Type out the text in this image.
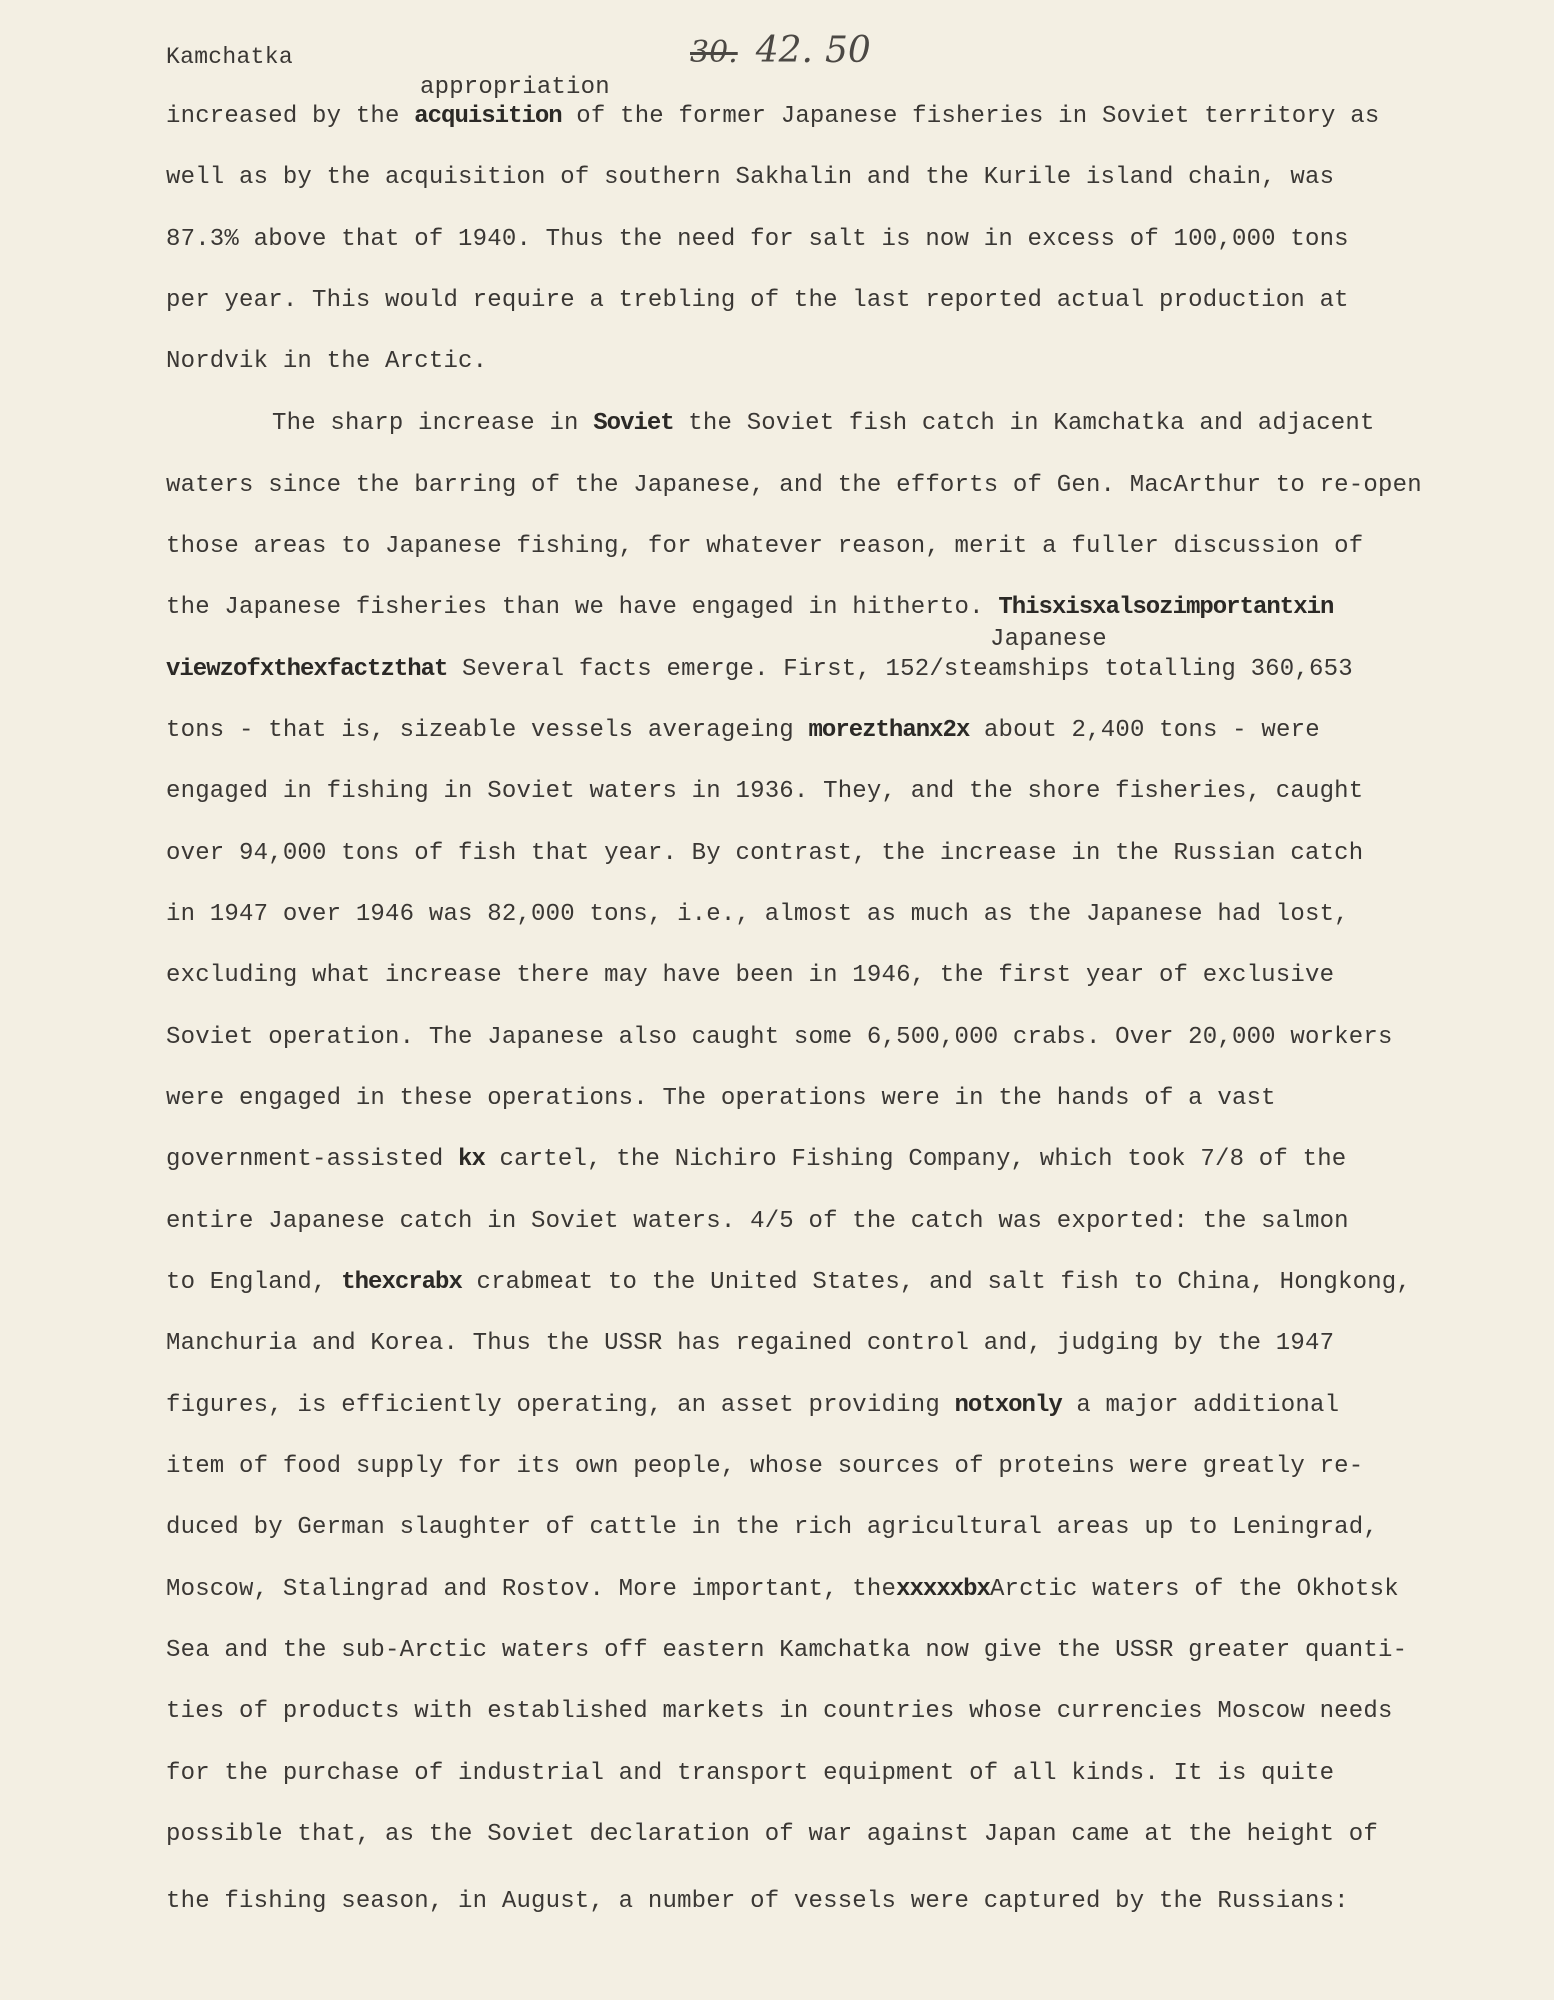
Kamchatka	30. 42. 50
appropriation
Japanese
increased by the acquisition of the former Japanese fisheries in Soviet territory as
well as by the acquisition of southern Sakhalin and the Kurile island chain, was
87.3% above that of 1940. Thus the need for salt is now in excess of 100,000 tons
per year. This would require a trebling of the last reported actual production at
Nordvik in the Arctic.
The sharp increase in Soviet the Soviet fish catch in Kamchatka and adjacent
waters since the barring of the Japanese, and the efforts of Gen. MacArthur to re-open
those areas to Japanese fishing, for whatever reason, merit a fuller discussion of
the Japanese fisheries than we have engaged in hitherto. Thisxisxalsozimportantxin
viewzofxthexfactzthat Several facts emerge. First, 152/steamships totalling 360,653
tons - that is, sizeable vessels averageing morezthanx2x about 2,400 tons - were
engaged in fishing in Soviet waters in 1936. They, and the shore fisheries, caught
over 94,000 tons of fish that year. By contrast, the increase in the Russian catch
in 1947 over 1946 was 82,000 tons, i.e., almost as much as the Japanese had lost,
excluding what increase there may have been in 1946, the first year of exclusive
Soviet operation. The Japanese also caught some 6,500,000 crabs. Over 20,000 workers
were engaged in these operations. The operations were in the hands of a vast
government-assisted kx cartel, the Nichiro Fishing Company, which took 7/8 of the
entire Japanese catch in Soviet waters. 4/5 of the catch was exported: the salmon
to England, thexcrabx crabmeat to the United States, and salt fish to China, Hongkong,
Manchuria and Korea. Thus the USSR has regained control and, judging by the 1947
figures, is efficiently operating, an asset providing notxonly a major additional
item of food supply for its own people, whose sources of proteins were greatly re-
duced by German slaughter of cattle in the rich agricultural areas up to Leningrad,
Moscow, Stalingrad and Rostov. More important, thexxxxxbxArctic waters of the Okhotsk
Sea and the sub-Arctic waters off eastern Kamchatka now give the USSR greater quanti-
ties of products with established markets in countries whose currencies Moscow needs
for the purchase of industrial and transport equipment of all kinds. It is quite
possible that, as the Soviet declaration of war against Japan came at the height of
the fishing season, in August, a number of vessels were captured by the Russians:
